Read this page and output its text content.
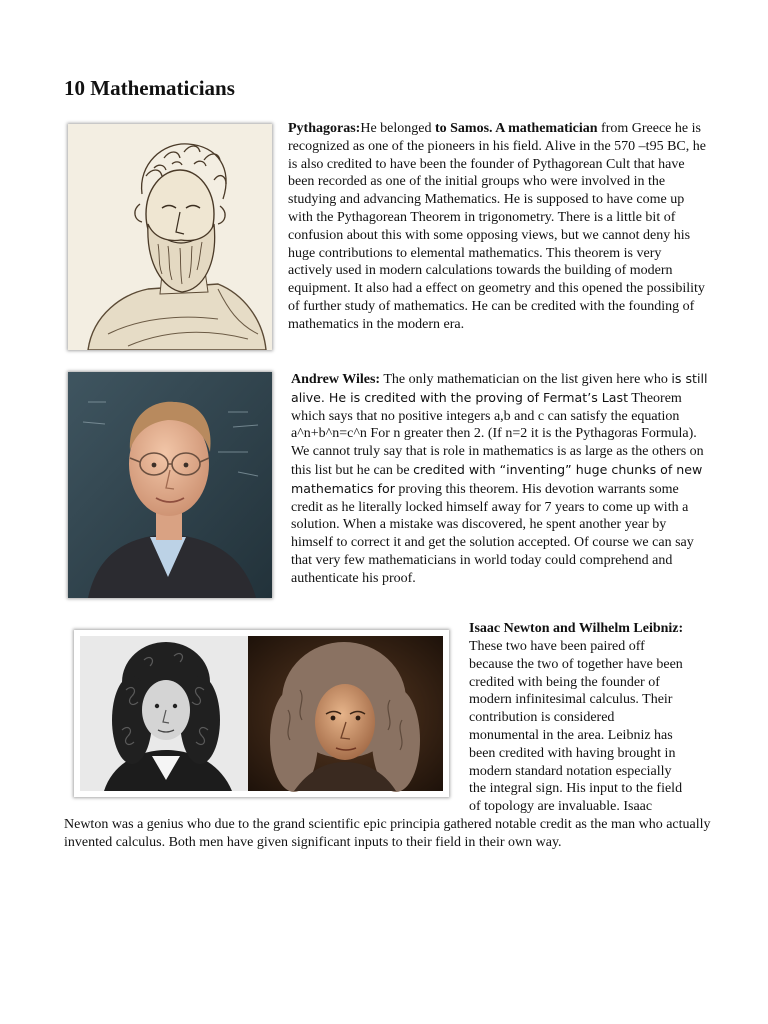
10 Mathematicians

Pythagoras:He belonged to Samos. A mathematician from Greece he is recognized as one of the pioneers in his field. Alive in the 570 –t95 BC, he is also credited to have been the founder of Pythagorean Cult that have been recorded as one of the initial groups who were involved in the studying and advancing Mathematics. He is supposed to have come up with the Pythagorean Theorem in trigonometry. There is a little bit of confusion about this with some opposing views, but we cannot deny his huge contributions to elemental mathematics. This theorem is very actively used in modern calculations towards the building of modern equipment. It also had a effect on geometry and this opened the possibility of further study of mathematics. He can be credited with the founding of mathematics in the modern era.

Andrew Wiles: The only mathematician on the list given here who is still alive. He is credited with the proving of Fermat’s Last Theorem which says that no positive integers a,b and c can satisfy the equation a^n+b^n=c^n For n greater then 2. (If n=2 it is the Pythagoras Formula). We cannot truly say that is role in mathematics is as large as the others on this list but he can be credited with “inventing” huge chunks of new mathematics for proving this theorem. His devotion warrants some credit as he literally locked himself away for 7 years to come up with a solution. When a mistake was discovered, he spent another year by himself to correct it and get the solution accepted. Of course we can say that very few mathematicians in world today could comprehend and authenticate his proof.

Isaac Newton and Wilhelm Leibniz:

These two have been paired off
because the two of together have been
credited with being the founder of
modern infinitesimal calculus. Their
contribution is considered
monumental in the area. Leibniz has
been credited with having brought in
modern standard notation especially
the integral sign. His input to the field
of topology are invaluable. Isaac

Newton was a genius who due to the grand scientific epic principia gathered notable credit as the man who actually invented calculus. Both men have given significant inputs to their field in their own way.
